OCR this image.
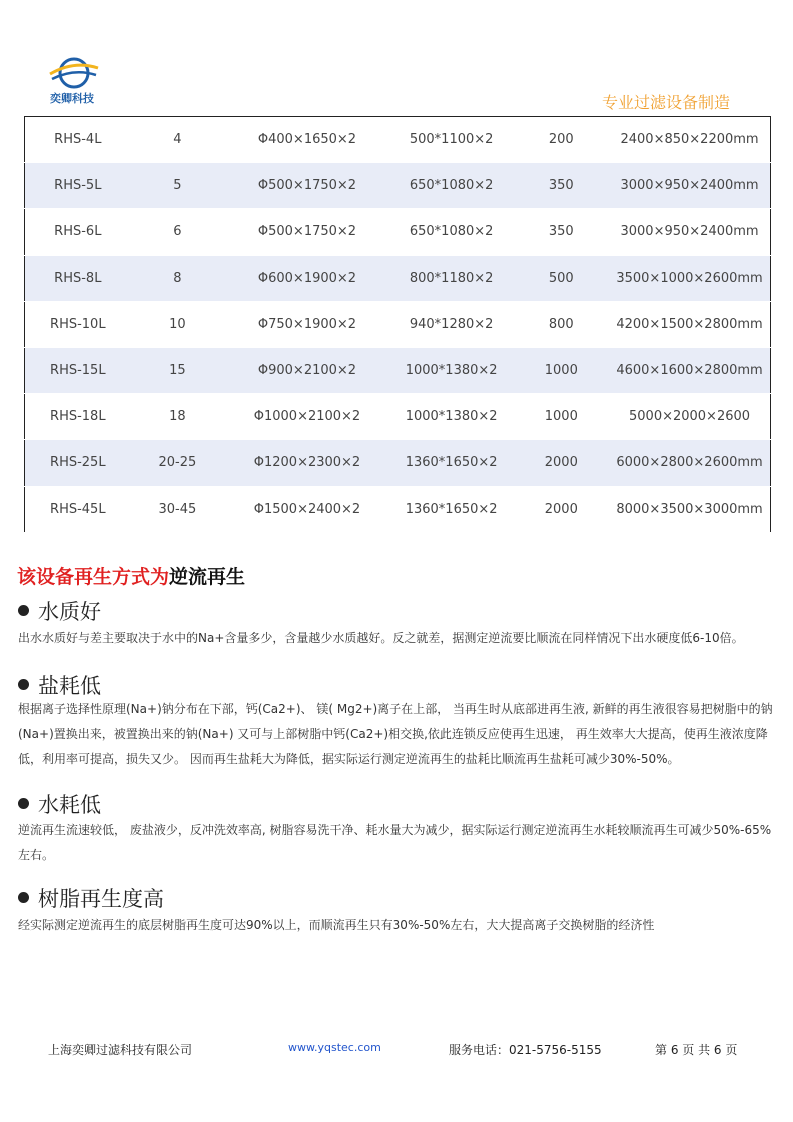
奕卿科技	专业过滤设备制造
RHS-4L	4	Φ400×1650×2	500*1100×2	200	2400×850×2200mm
RHS-5L	5	Φ500×1750×2	650*1080×2	350	3000×950×2400mm
RHS-6L	6	Φ500×1750×2	650*1080×2	350	3000×950×2400mm
RHS-8L	8	Φ600×1900×2	800*1180×2	500	3500×1000×2600mm
RHS-10L	10	Φ750×1900×2	940*1280×2	800	4200×1500×2800mm
RHS-15L	15	Φ900×2100×2	1000*1380×2	1000	4600×1600×2800mm
RHS-18L	18	Φ1000×2100×2	1000*1380×2	1000	5000×2000×2600
RHS-25L	20-25	Φ1200×2300×2	1360*1650×2	2000	6000×2800×2600mm
RHS-45L	30-45	Φ1500×2400×2	1360*1650×2	2000	8000×3500×3000mm
该设备再生方式为逆流再生
水质好
出水水质好与差主要取决于水中的Na+含量多少，含量越少水质越好。反之就差，据测定逆流要比顺流在同样情况下出水硬度低6-10倍。
盐耗低
根据离子选择性原理(Na+)钠分布在下部，钙(Ca2+)、 镁( Mg2+)离子在上部， 当再生时从底部进再生液, 新鲜的再生液很容易把树脂中的钠(Na+)置换出来，被置换出来的钠(Na+) 又可与上部树脂中钙(Ca2+)相交换,依此连锁反应使再生迅速， 再生效率大大提高，使再生液浓度降低，利用率可提高，损失又少。 因而再生盐耗大为降低，据实际运行测定逆流再生的盐耗比顺流再生盐耗可减少30%-50%。
水耗低
逆流再生流速较低， 废盐液少，反冲洗效率高, 树脂容易洗干净、耗水量大为减少，据实际运行测定逆流再生水耗较顺流再生可减少50%-65%左右。
树脂再生度高
经实际测定逆流再生的底层树脂再生度可达90%以上，而顺流再生只有30%-50%左右，大大提高离子交换树脂的经济性
上海奕卿过滤科技有限公司	www.yqstec.com	服务电话：021-5756-5155	第 6 页 共 6 页
